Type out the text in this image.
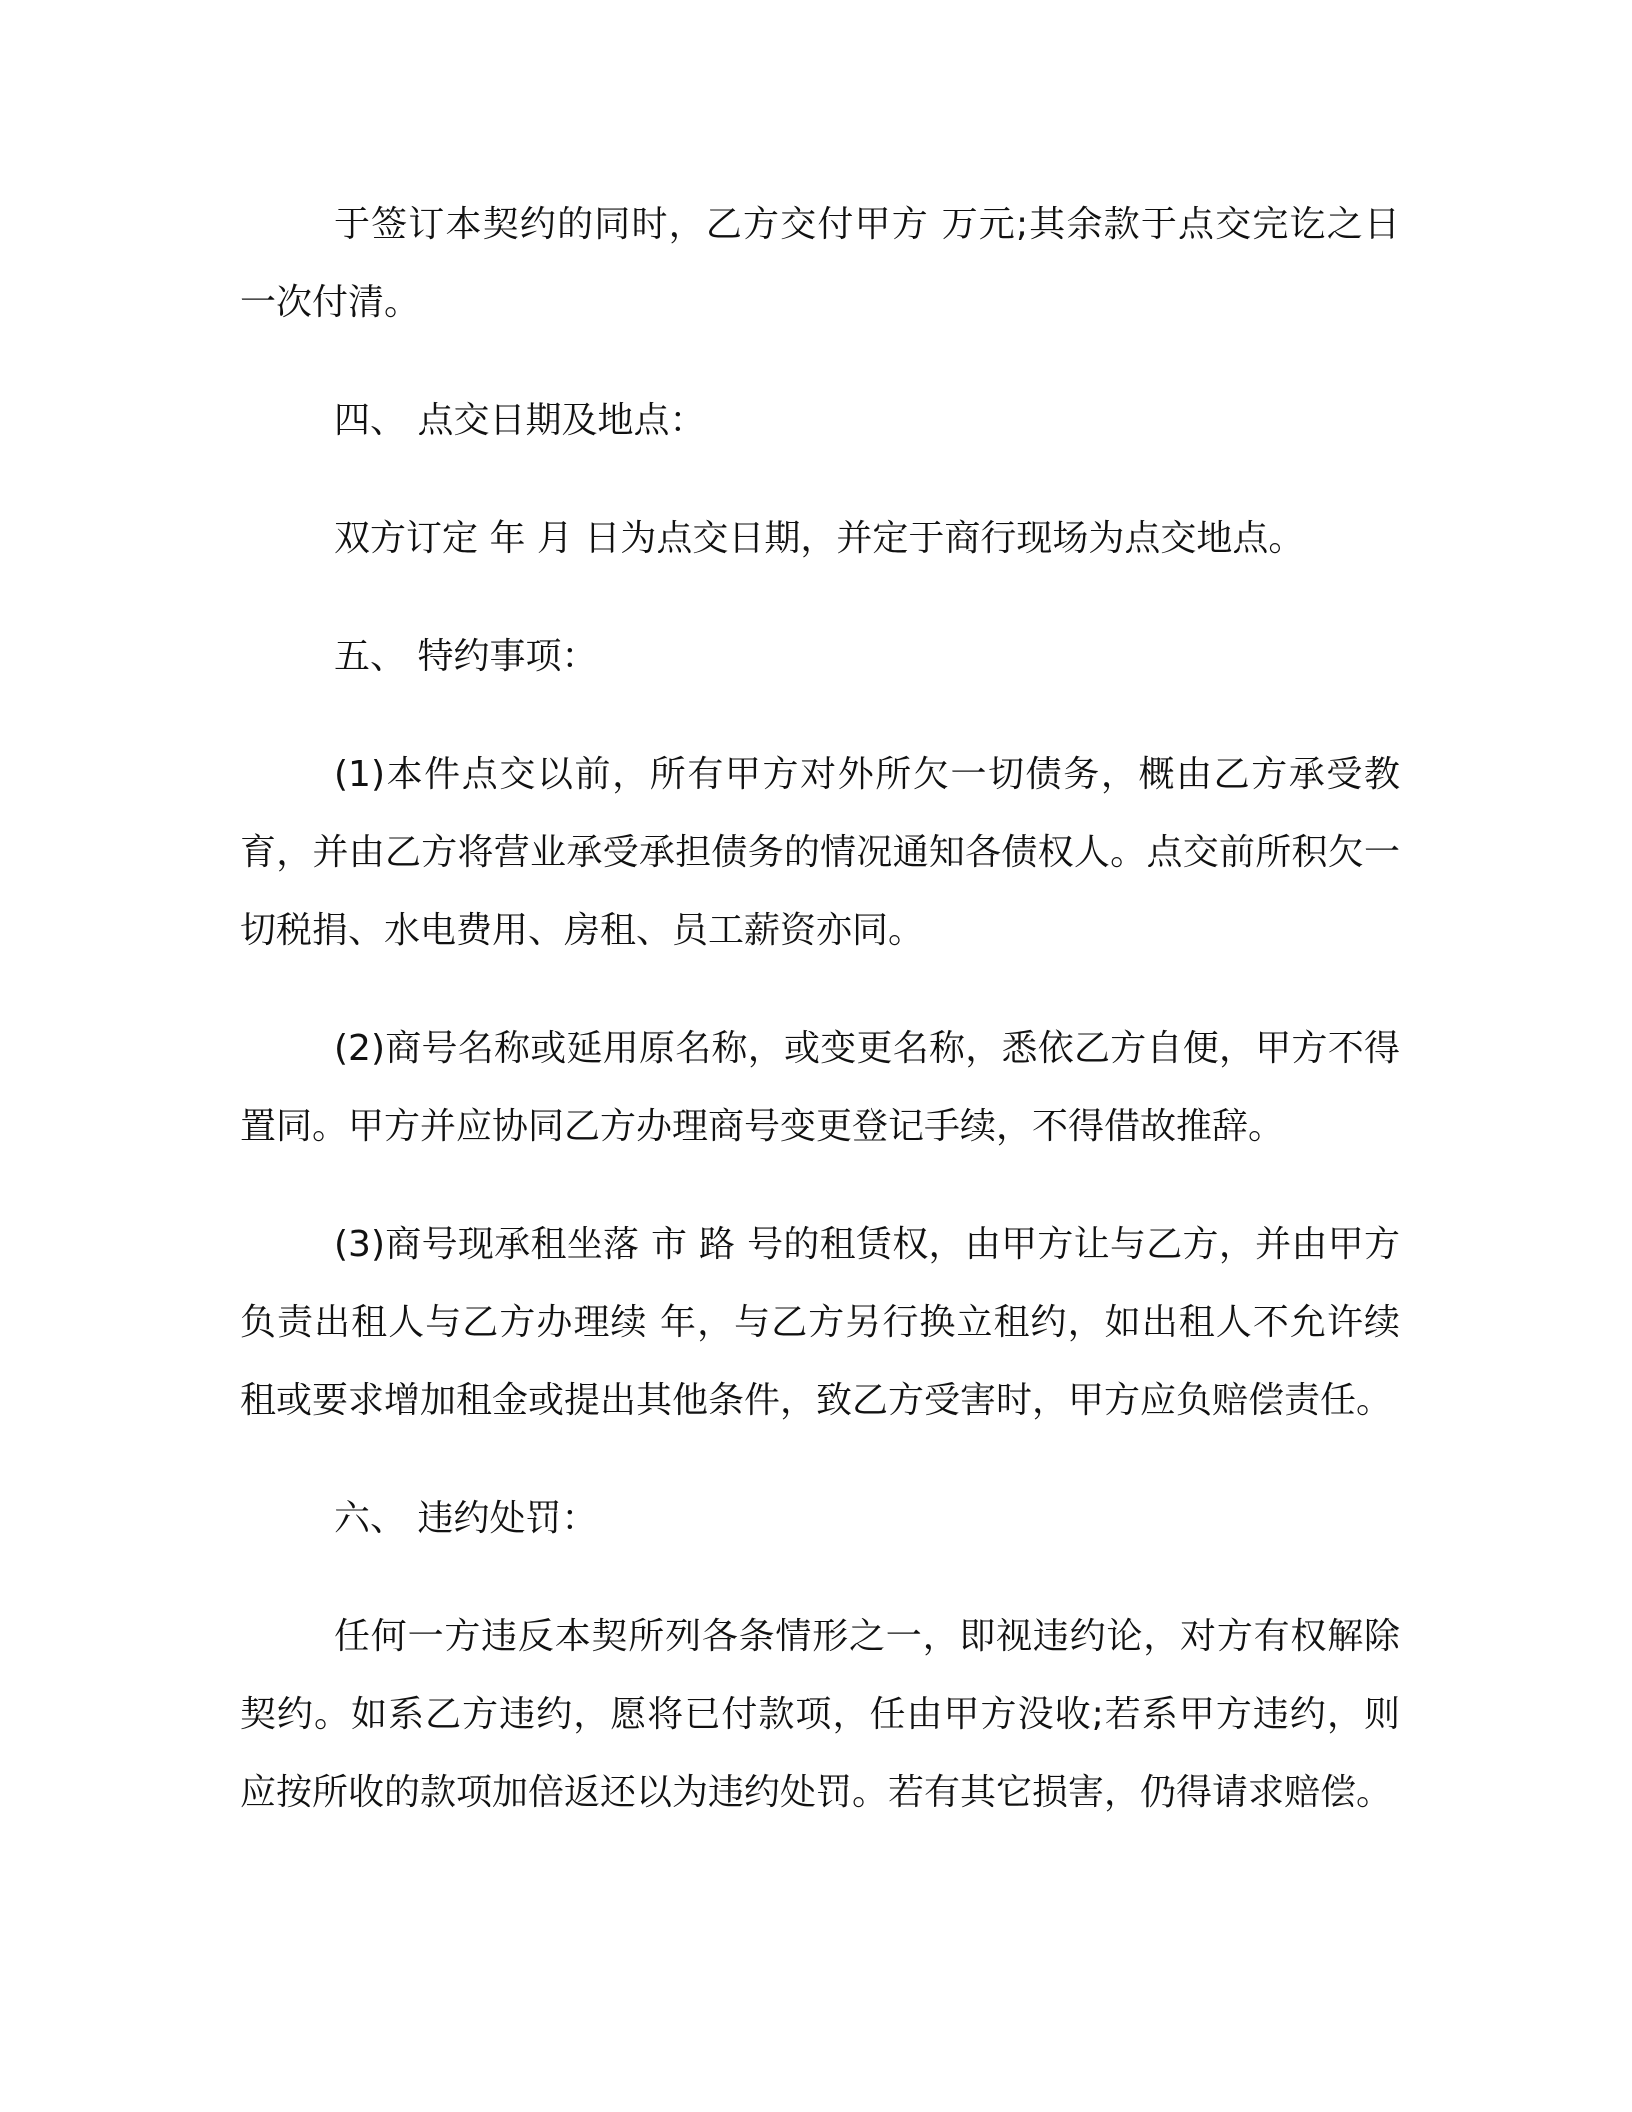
于签订本契约的同时，乙方交付甲方 万元;其余款于点交完讫之日一次付清。

四、 点交日期及地点：

双方订定 年 月 日为点交日期，并定于商行现场为点交地点。

五、 特约事项：

(1)本件点交以前，所有甲方对外所欠一切债务，概由乙方承受教育，并由乙方将营业承受承担债务的情况通知各债权人。点交前所积欠一切税捐、水电费用、房租、员工薪资亦同。

(2)商号名称或延用原名称，或变更名称，悉依乙方自便，甲方不得置同。甲方并应协同乙方办理商号变更登记手续，不得借故推辞。

(3)商号现承租坐落 市 路 号的租赁权，由甲方让与乙方，并由甲方负责出租人与乙方办理续 年，与乙方另行换立租约，如出租人不允许续租或要求增加租金或提出其他条件，致乙方受害时，甲方应负赔偿责任。

六、 违约处罚：

任何一方违反本契所列各条情形之一，即视违约论，对方有权解除契约。如系乙方违约，愿将已付款项，任由甲方没收;若系甲方违约，则应按所收的款项加倍返还以为违约处罚。若有其它损害，仍得请求赔偿。
